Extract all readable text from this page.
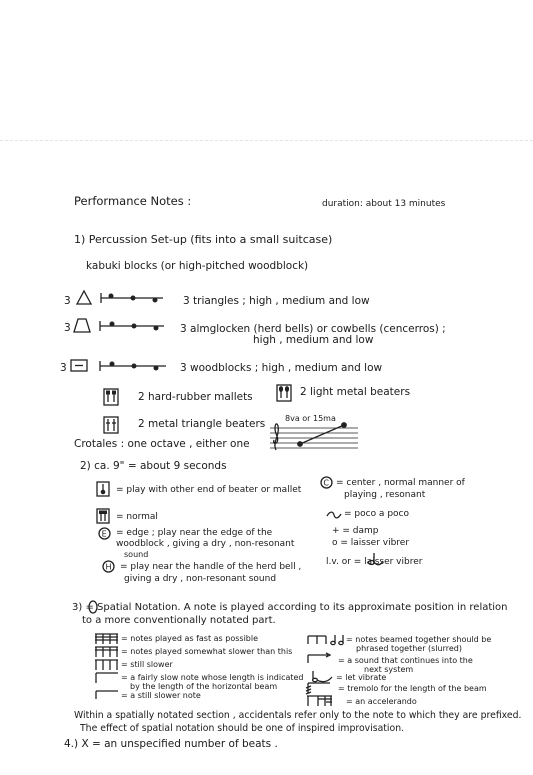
Performance Notes :	duration: about 13 minutes
1) Percussion Set-up (fits into a small suitcase)
kabuki blocks (or high-pitched woodblock)
3	3 triangles ; high , medium and low
3	3 almglocken (herd bells) or cowbells (cencerros) ;
high , medium and low
3	3 woodblocks ; high , medium and low
2 hard-rubber mallets	2 light metal beaters
2 metal triangle beaters 8va or 15ma
Crotales : one octave , either one
2) ca. 9" = about 9 seconds
= play with other end of beater or mallet
= normal
E = edge ; play near the edge of the
woodblock , giving a dry , non-resonant
sound
H = play near the handle of the herd bell ,
giving a dry , non-resonant sound
C = center , normal manner of
playing , resonant
= poco a poco
+ = damp
o = laisser vibrer
l.v. or = laisser vibrer
3) = Spatial Notation. A note is played according to its approximate position in relation
to a more conventionally notated part.
= notes played as fast as possible
= notes played somewhat slower than this
= still slower
= a fairly slow note whose length is indicated
by the length of the horizontal beam
= a still slower note
= notes beamed together should be
phrased together (slurred)
= a sound that continues into the
next system
= let vibrate
= tremolo for the length of the beam
= an accelerando
Within a spatially notated section , accidentals refer only to the note to which they are prefixed.
The effect of spatial notation should be one of inspired improvisation.
4.) X = an unspecified number of beats .
